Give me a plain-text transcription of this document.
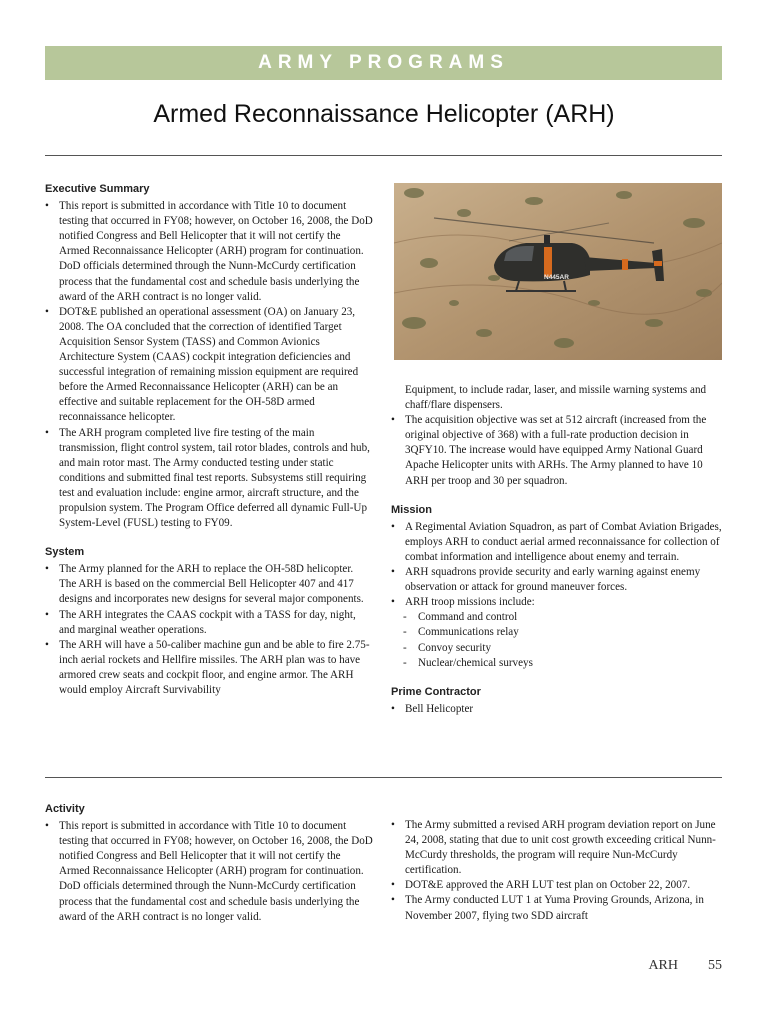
ARMY PROGRAMS
Armed Reconnaissance Helicopter (ARH)
Executive Summary
• This report is submitted in accordance with Title 10 to document testing that occurred in FY08; however, on October 16, 2008, the DoD notified Congress and Bell Helicopter that it will not certify the Armed Reconnaissance Helicopter (ARH) program for continuation. DoD officials determined through the Nunn-McCurdy certification process that the fundamental cost and schedule basis underlying the award of the ARH contract is no longer valid.
• DOT&E published an operational assessment (OA) on January 23, 2008. The OA concluded that the correction of identified Target Acquisition Sensor System (TASS) and Common Avionics Architecture System (CAAS) cockpit integration deficiencies and successful integration of remaining mission equipment are required before the Armed Reconnaissance Helicopter (ARH) can be an effective and suitable replacement for the OH-58D armed reconnaissance helicopter.
• The ARH program completed live fire testing of the main transmission, flight control system, tail rotor blades, controls and hub, and main rotor mast. The Army conducted testing under static conditions and submitted final test reports. Subsystems still requiring test and evaluation include: engine armor, aircraft structure, and the propulsion system. The Program Office deferred all dynamic Full-Up System-Level (FUSL) testing to FY09.
System
• The Army planned for the ARH to replace the OH-58D helicopter. The ARH is based on the commercial Bell Helicopter 407 and 417 designs and incorporates new designs for several major components.
• The ARH integrates the CAAS cockpit with a TASS for day, night, and marginal weather operations.
• The ARH will have a 50-caliber machine gun and be able to fire 2.75-inch aerial rockets and Hellfire missiles. The ARH plan was to have armored crew seats and cockpit floor, and engine armor. The ARH would employ Aircraft Survivability
N445AR
Equipment, to include radar, laser, and missile warning systems and chaff/flare dispensers.
• The acquisition objective was set at 512 aircraft (increased from the original objective of 368) with a full-rate production decision in 3QFY10. The increase would have equipped Army National Guard Apache Helicopter units with ARHs. The Army planned to have 10 ARH per troop and 30 per squadron.
Mission
• A Regimental Aviation Squadron, as part of Combat Aviation Brigades, employs ARH to conduct aerial armed reconnaissance for collection of combat information and intelligence about enemy and terrain.
• ARH squadrons provide security and early warning against enemy observation or attack for ground maneuver forces.
• ARH troop missions include:
- Command and control
- Communications relay
- Convoy security
- Nuclear/chemical surveys
Prime Contractor
• Bell Helicopter
Activity
• This report is submitted in accordance with Title 10 to document testing that occurred in FY08; however, on October 16, 2008, the DoD notified Congress and Bell Helicopter that it will not certify the Armed Reconnaissance Helicopter (ARH) program for continuation. DoD officials determined through the Nunn-McCurdy certification process that the fundamental cost and schedule basis underlying the award of the ARH contract is no longer valid.
• The Army submitted a revised ARH program deviation report on June 24, 2008, stating that due to unit cost growth exceeding critical Nunn-McCurdy thresholds, the program will require Nun-McCurdy certification.
• DOT&E approved the ARH LUT test plan on October 22, 2007.
• The Army conducted LUT 1 at Yuma Proving Grounds, Arizona, in November 2007, flying two SDD aircraft
ARH 55
